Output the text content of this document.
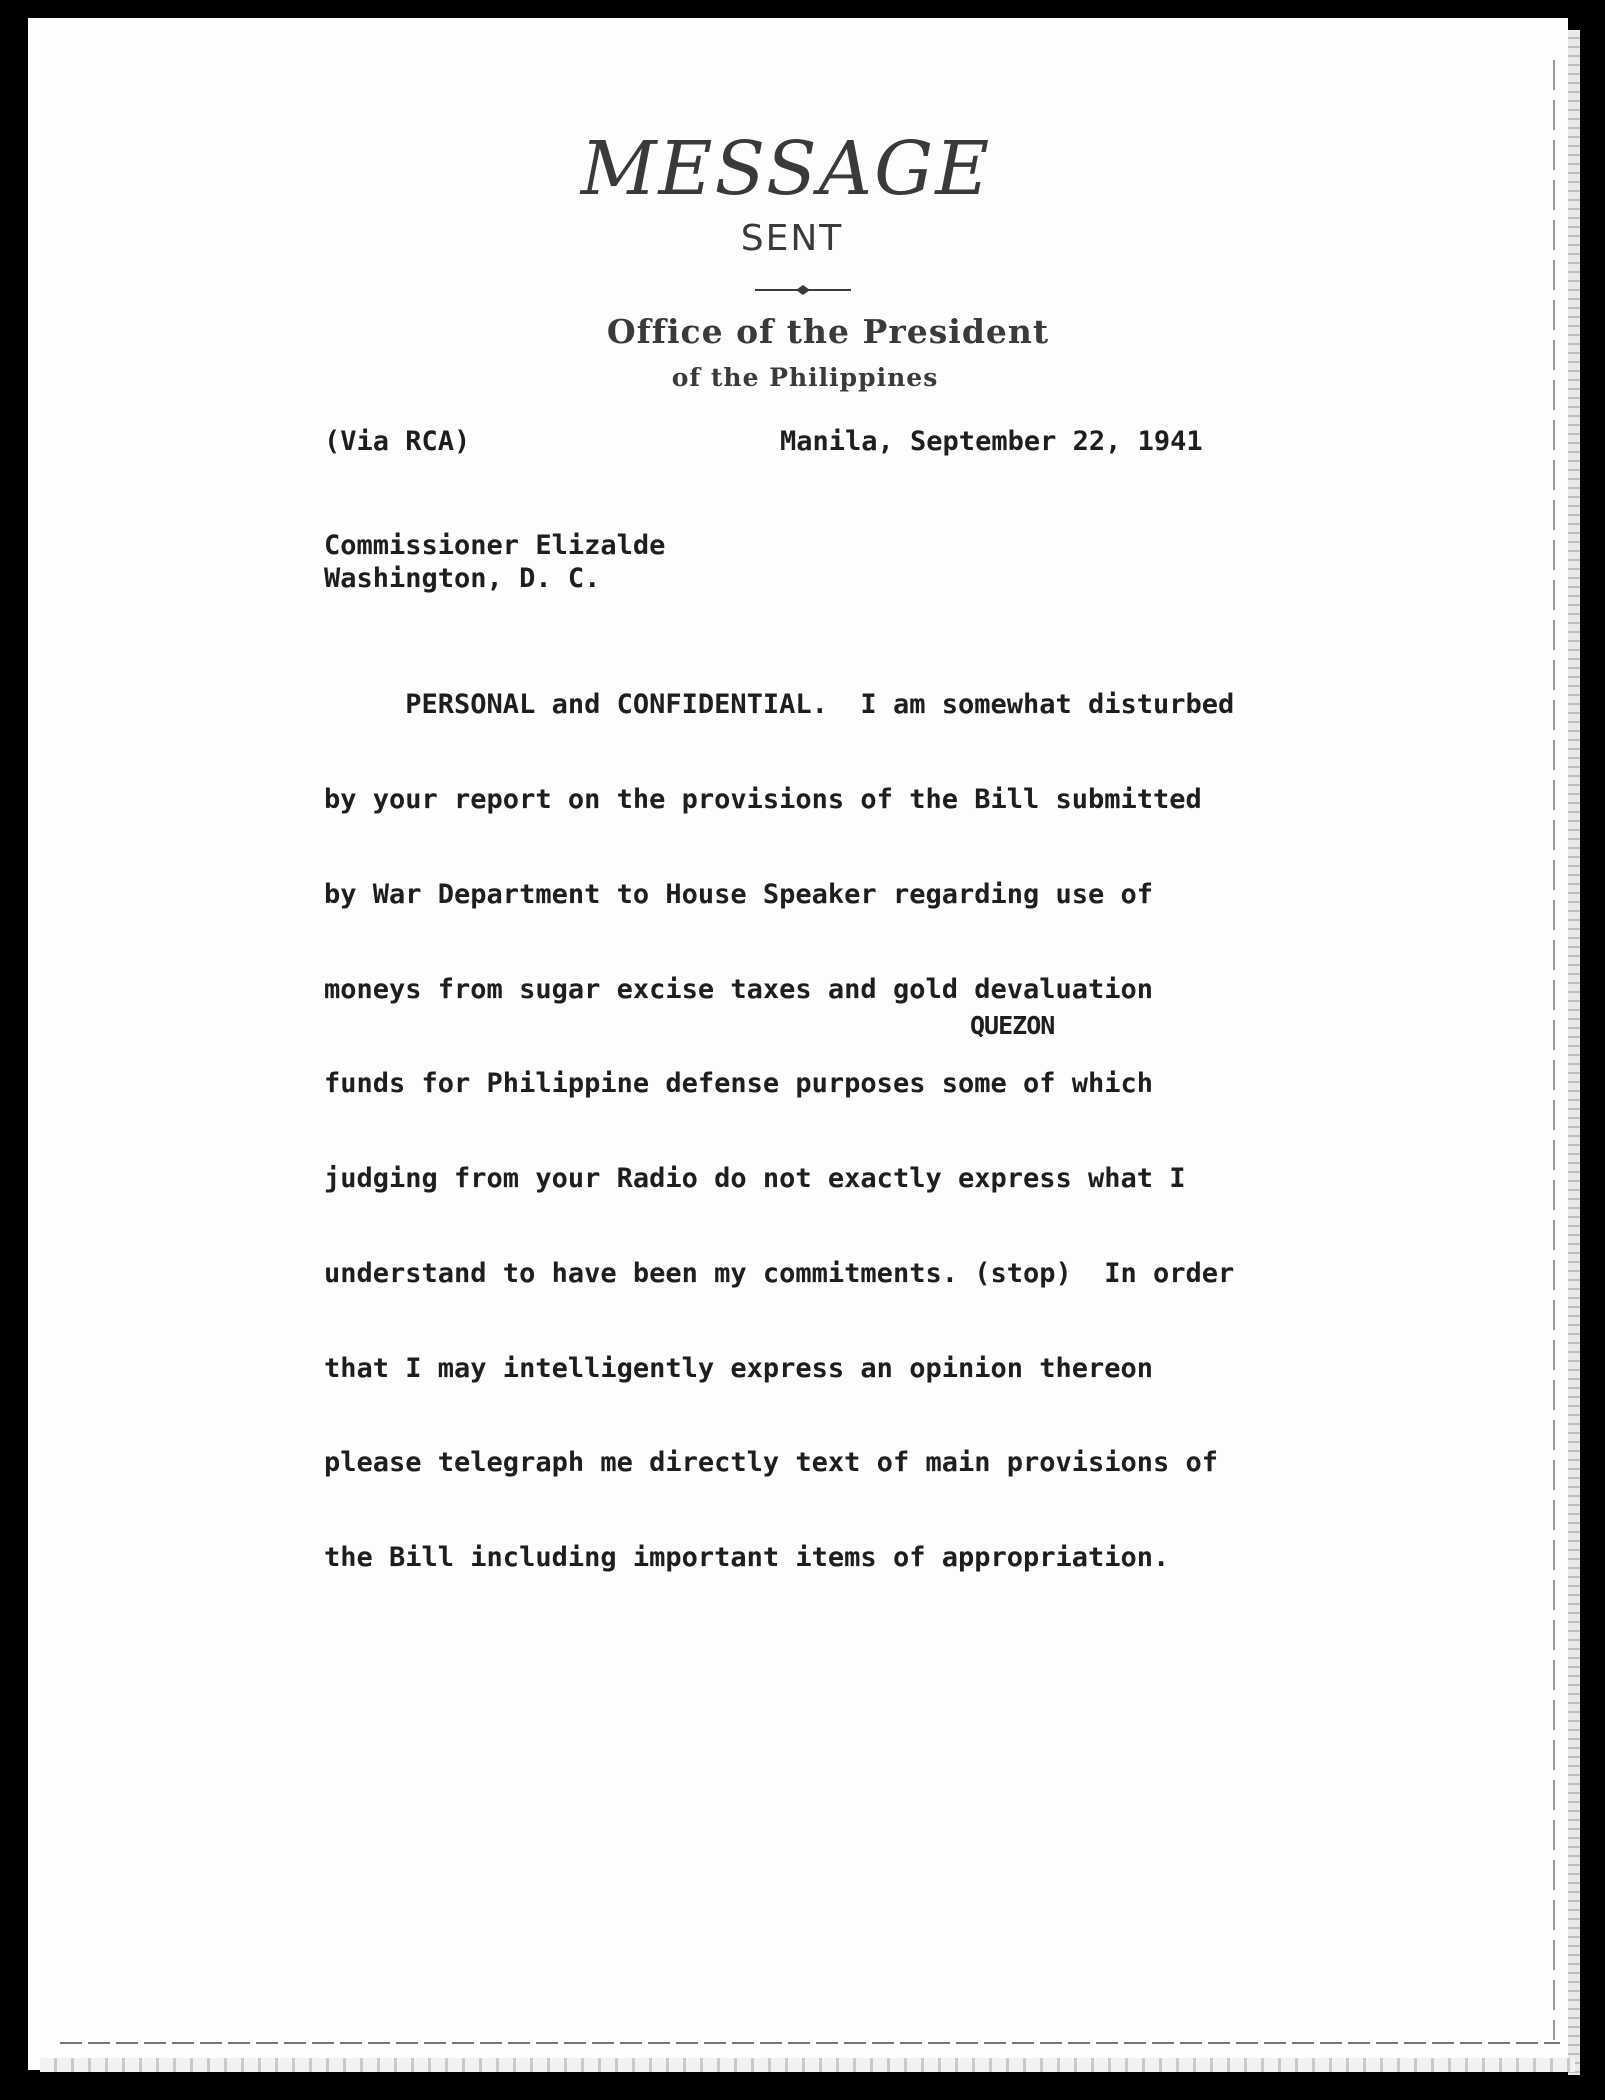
MESSAGE
SENT
Office of the President
of the Philippines
(Via RCA)	Manila, September 22, 1941
Commissioner Elizalde
Washington, D. C.

PERSONAL and CONFIDENTIAL.  I am somewhat disturbed

by your report on the provisions of the Bill submitted

by War Department to House Speaker regarding use of

moneys from sugar excise taxes and gold devaluation

funds for Philippine defense purposes some of which

judging from your Radio do not exactly express what I

understand to have been my commitments. (stop)  In order

that I may intelligently express an opinion thereon

please telegraph me directly text of main provisions of

the Bill including important items of appropriation.

QUEZON
